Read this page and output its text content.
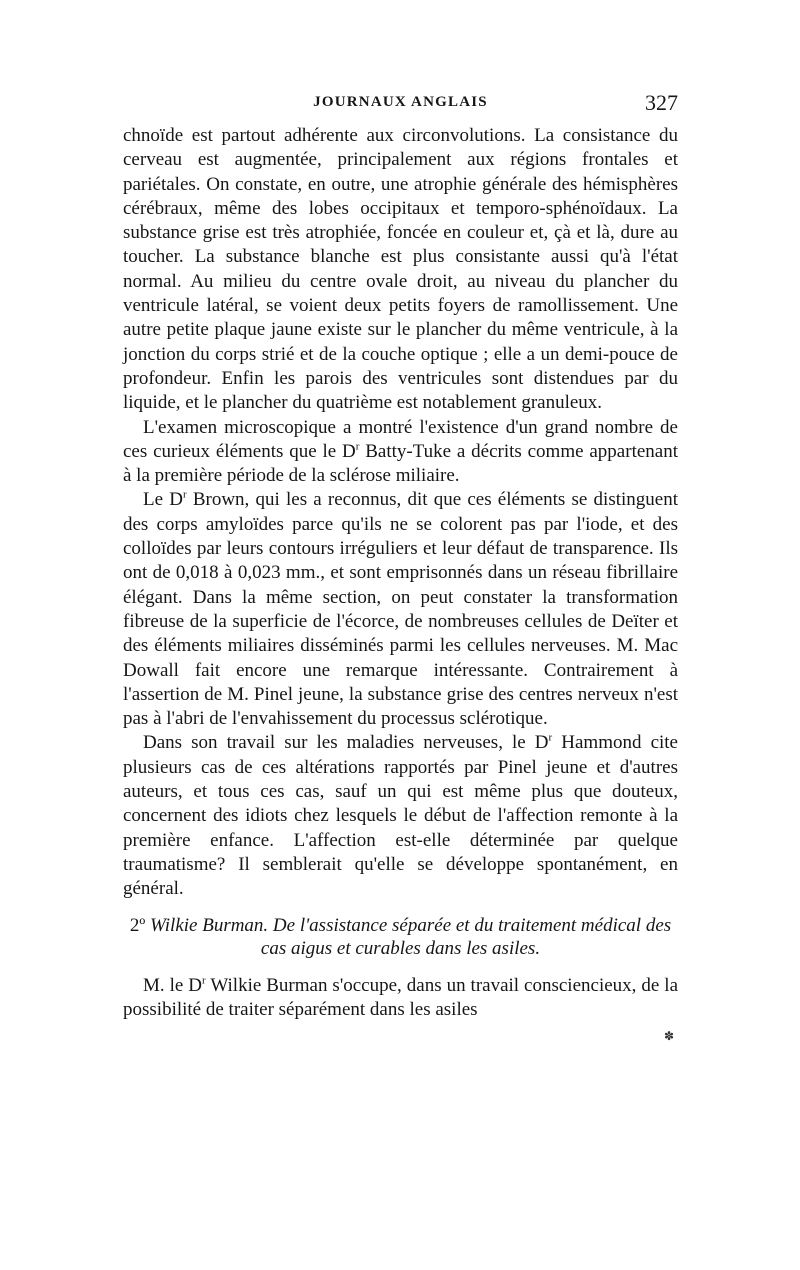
JOURNAUX ANGLAIS	327

chnoïde est partout adhérente aux circonvolutions. La consistance du cerveau est augmentée, principalement aux régions frontales et pariétales. On constate, en outre, une atrophie générale des hémisphères cérébraux, même des lobes occipitaux et temporo-sphénoïdaux. La substance grise est très atrophiée, foncée en couleur et, çà et là, dure au toucher. La substance blanche est plus consistante aussi qu'à l'état normal. Au milieu du centre ovale droit, au niveau du plancher du ventricule latéral, se voient deux petits foyers de ramollissement. Une autre petite plaque jaune existe sur le plancher du même ventricule, à la jonction du corps strié et de la couche optique ; elle a un demi-pouce de profondeur. Enfin les parois des ventricules sont distendues par du liquide, et le plancher du quatrième est notablement granuleux.

L'examen microscopique a montré l'existence d'un grand nombre de ces curieux éléments que le $D^r$ Batty-Tuke a décrits comme appartenant à la première période de la sclérose miliaire.

Le $D^r$ Brown, qui les a reconnus, dit que ces éléments se distinguent des corps amyloïdes parce qu'ils ne se colorent pas par l'iode, et des colloïdes par leurs contours irréguliers et leur défaut de transparence. Ils ont de 0,018 à 0,023 mm., et sont emprisonnés dans un réseau fibrillaire élégant. Dans la même section, on peut constater la transformation fibreuse de la superficie de l'écorce, de nombreuses cellules de Deïter et des éléments miliaires disséminés parmi les cellules nerveuses. M. Mac Dowall fait encore une remarque intéressante. Contrairement à l'assertion de M. Pinel jeune, la substance grise des centres nerveux n'est pas à l'abri de l'envahissement du processus sclérotique.

Dans son travail sur les maladies nerveuses, le $D^r$ Hammond cite plusieurs cas de ces altérations rapportés par Pinel jeune et d'autres auteurs, et tous ces cas, sauf un qui est même plus que douteux, concernent des idiots chez lesquels le début de l'affection remonte à la première enfance. L'affection est-elle déterminée par quelque traumatisme? Il semblerait qu'elle se développe spontanément, en général.

2º Wilkie Burman. De l'assistance séparée et du traitement médical des cas aigus et curables dans les asiles.

M. le $D^r$ Wilkie Burman s'occupe, dans un travail consciencieux, de la possibilité de traiter séparément dans les asiles

✽
